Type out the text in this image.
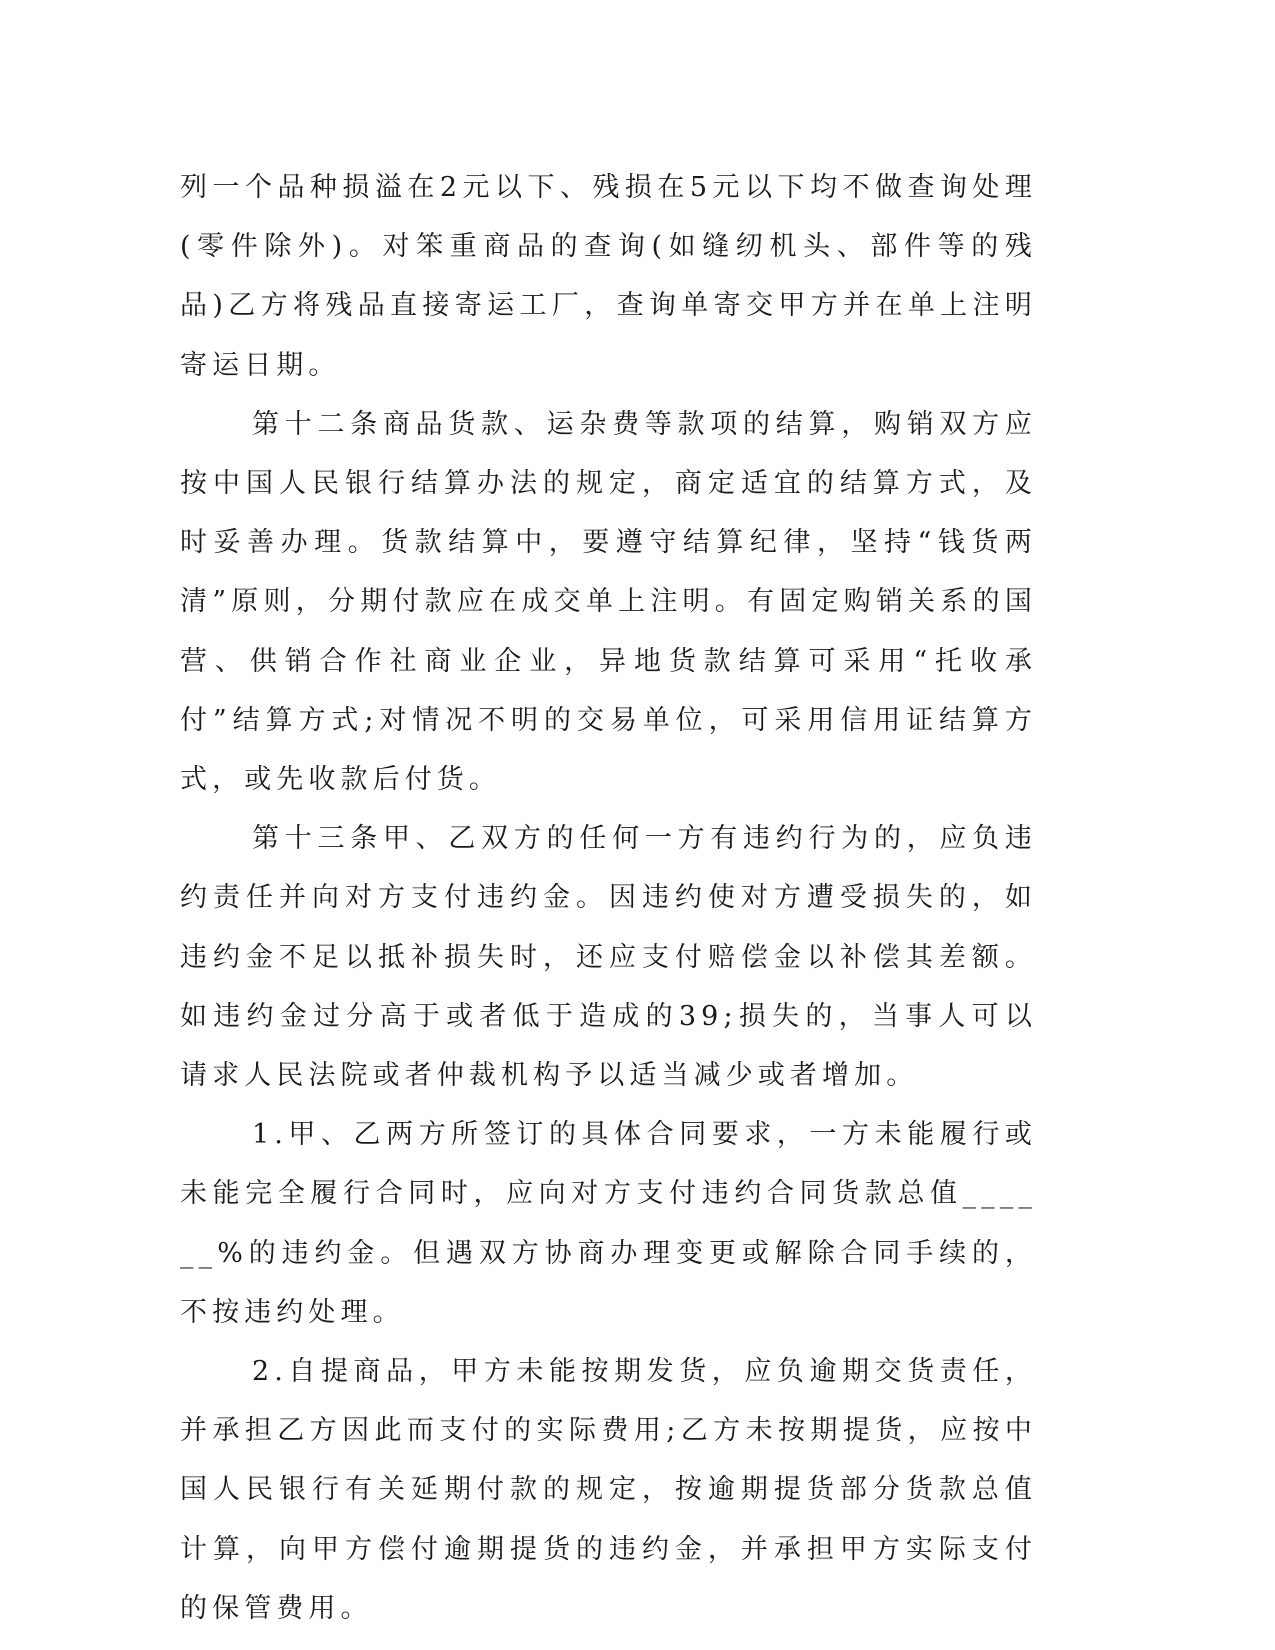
列一个品种损溢在2元以下、残损在5元以下均不做查询处理(零件除外)。对笨重商品的查询(如缝纫机头、部件等的残品)乙方将残品直接寄运工厂，查询单寄交甲方并在单上注明寄运日期。

第十二条商品货款、运杂费等款项的结算，购销双方应按中国人民银行结算办法的规定，商定适宜的结算方式，及时妥善办理。货款结算中，要遵守结算纪律，坚持“钱货两清”原则，分期付款应在成交单上注明。有固定购销关系的国营、供销合作社商业企业，异地货款结算可采用“托收承付”结算方式;对情况不明的交易单位，可采用信用证结算方式，或先收款后付货。

第十三条甲、乙双方的任何一方有违约行为的，应负违约责任并向对方支付违约金。因违约使对方遭受损失的，如违约金不足以抵补损失时，还应支付赔偿金以补偿其差额。如违约金过分高于或者低于造成的39;损失的，当事人可以请求人民法院或者仲裁机构予以适当减少或者增加。

1.甲、乙两方所签订的具体合同要求，一方未能履行或未能完全履行合同时，应向对方支付违约合同货款总值______%的违约金。但遇双方协商办理变更或解除合同手续的，不按违约处理。

2.自提商品，甲方未能按期发货，应负逾期交货责任，并承担乙方因此而支付的实际费用;乙方未按期提货，应按中国人民银行有关延期付款的规定，按逾期提货部分货款总值计算，向甲方偿付逾期提货的违约金，并承担甲方实际支付的保管费用。
